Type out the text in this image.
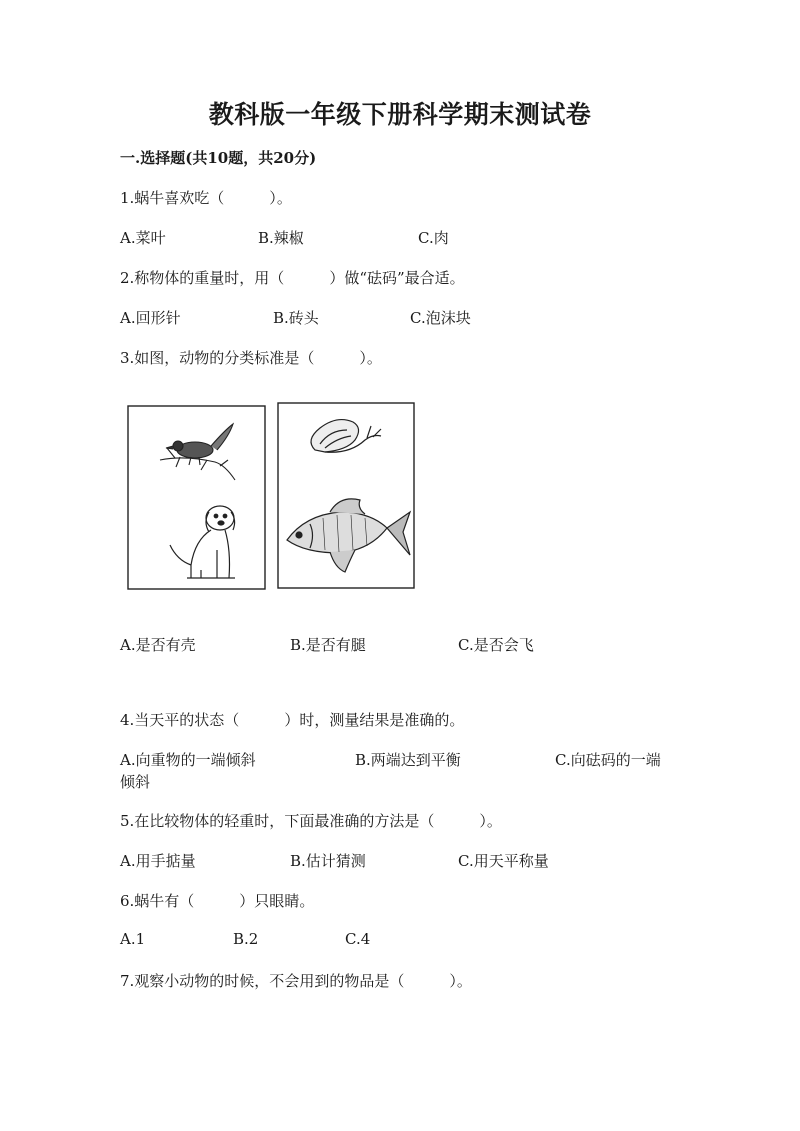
教科版一年级下册科学期末测试卷
一.选择题(共10题，共20分)
1.蜗牛喜欢吃（　　　）。
A.菜叶	B.辣椒	C.肉
2.称物体的重量时，用（　　　）做“砝码”最合适。
A.回形针	B.砖头	C.泡沫块
3.如图，动物的分类标准是（　　　）。
A.是否有壳	B.是否有腿	C.是否会飞
4.当天平的状态（　　　）时，测量结果是准确的。
A.向重物的一端倾斜	B.两端达到平衡	C.向砝码的一端
倾斜
5.在比较物体的轻重时，下面最准确的方法是（　　　）。
A.用手掂量	B.估计猜测	C.用天平称量
6.蜗牛有（　　　）只眼睛。
A.1	B.2	C.4
7.观察小动物的时候，不会用到的物品是（　　　）。
